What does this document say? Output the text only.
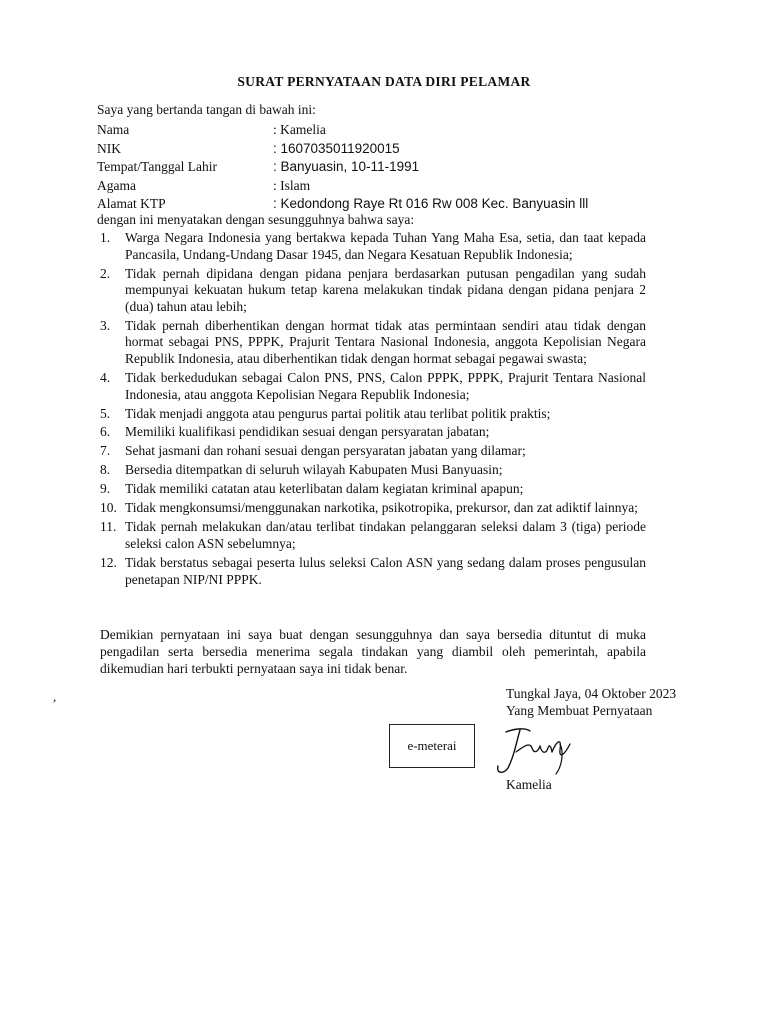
SURAT PERNYATAAN DATA DIRI PELAMAR
Saya yang bertanda tangan di bawah ini:
Nama	: Kamelia
NIK	: 1607035011920015
Tempat/Tanggal Lahir	: Banyuasin, 10-11-1991
Agama	: Islam
Alamat KTP	: Kedondong Raye Rt 016 Rw 008 Kec. Banyuasin lll
dengan ini menyatakan dengan sesungguhnya bahwa saya:
1.	Warga Negara Indonesia yang bertakwa kepada Tuhan Yang Maha Esa, setia, dan taat kepada Pancasila, Undang-Undang Dasar 1945, dan Negara Kesatuan Republik Indonesia;
2.	Tidak pernah dipidana dengan pidana penjara berdasarkan putusan pengadilan yang sudah mempunyai kekuatan hukum tetap karena melakukan tindak pidana dengan pidana penjara 2 (dua) tahun atau lebih;
3.	Tidak pernah diberhentikan dengan hormat tidak atas permintaan sendiri atau tidak dengan hormat sebagai PNS, PPPK, Prajurit Tentara Nasional Indonesia, anggota Kepolisian Negara Republik Indonesia, atau diberhentikan tidak dengan hormat sebagai pegawai swasta;
4.	Tidak berkedudukan sebagai Calon PNS, PNS, Calon PPPK, PPPK, Prajurit Tentara Nasional Indonesia, atau anggota Kepolisian Negara Republik Indonesia;
5.	Tidak menjadi anggota atau pengurus partai politik atau terlibat politik praktis;
6.	Memiliki kualifikasi pendidikan sesuai dengan persyaratan jabatan;
7.	Sehat jasmani dan rohani sesuai dengan persyaratan jabatan yang dilamar;
8.	Bersedia ditempatkan di seluruh wilayah Kabupaten Musi Banyuasin;
9.	Tidak memiliki catatan atau keterlibatan dalam kegiatan kriminal apapun;
10. Tidak mengkonsumsi/menggunakan narkotika, psikotropika, prekursor, dan zat adiktif lainnya;
11. Tidak pernah melakukan dan/atau terlibat tindakan pelanggaran seleksi dalam 3 (tiga) periode seleksi calon ASN sebelumnya;
12. Tidak berstatus sebagai peserta lulus seleksi Calon ASN yang sedang dalam proses pengusulan penetapan NIP/NI PPPK.
Demikian pernyataan ini saya buat dengan sesungguhnya dan saya bersedia dituntut di muka pengadilan serta bersedia menerima segala tindakan yang diambil oleh pemerintah, apabila dikemudian hari terbukti pernyataan saya ini tidak benar.
,	Tungkal Jaya, 04 Oktober 2023
Yang Membuat Pernyataan
e-meterai
Kamelia
